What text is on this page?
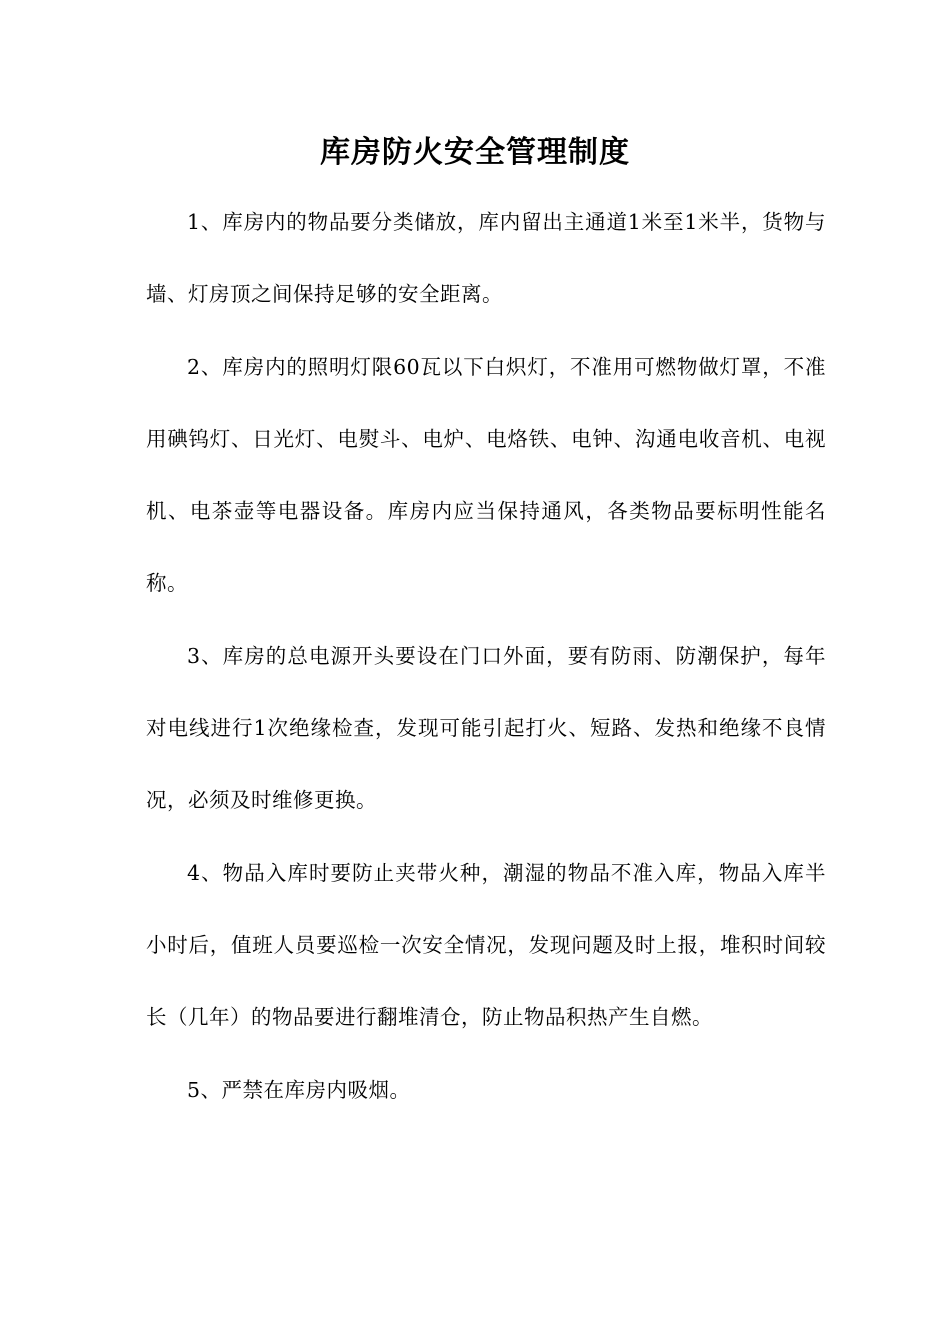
库房防火安全管理制度

1、库房内的物品要分类储放，库内留出主通道1米至1米半，货物与墙、灯房顶之间保持足够的安全距离。

2、库房内的照明灯限60瓦以下白炽灯，不准用可燃物做灯罩，不准用碘钨灯、日光灯、电熨斗、电炉、电烙铁、电钟、沟通电收音机、电视机、电茶壶等电器设备。库房内应当保持通风，各类物品要标明性能名称。

3、库房的总电源开头要设在门口外面，要有防雨、防潮保护，每年对电线进行1次绝缘检查，发现可能引起打火、短路、发热和绝缘不良情况，必须及时维修更换。

4、物品入库时要防止夹带火种，潮湿的物品不准入库，物品入库半小时后，值班人员要巡检一次安全情况，发现问题及时上报，堆积时间较长（几年）的物品要进行翻堆清仓，防止物品积热产生自燃。

5、严禁在库房内吸烟。
